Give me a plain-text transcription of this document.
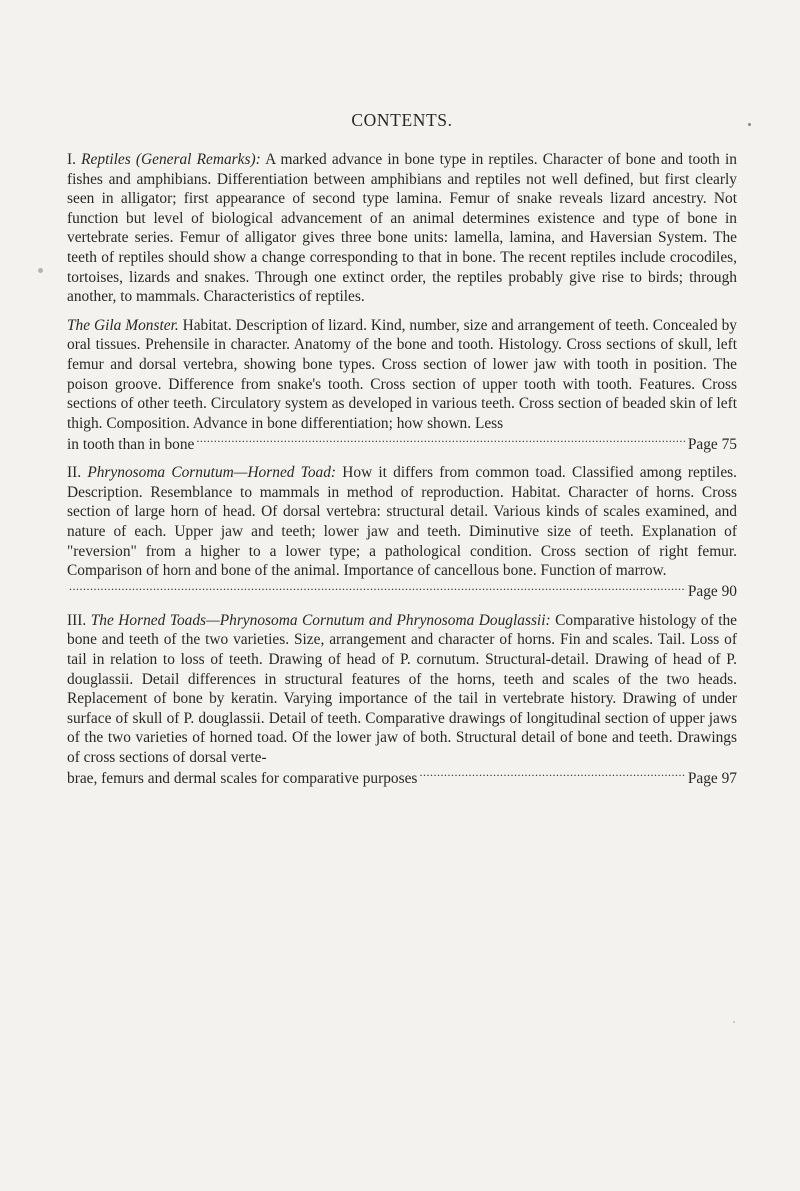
CONTENTS.
I. Reptiles (General Remarks): A marked advance in bone type in reptiles. Character of bone and tooth in fishes and amphibians. Differentiation between amphibians and reptiles not well defined, but first clearly seen in alligator; first appearance of second type lamina. Femur of snake reveals lizard ancestry. Not function but level of biological advancement of an animal determines existence and type of bone in vertebrate series. Femur of alligator gives three bone units: lamella, lamina, and Haversian System. The teeth of reptiles should show a change corresponding to that in bone. The recent reptiles include crocodiles, tortoises, lizards and snakes. Through one extinct order, the reptiles probably give rise to birds; through another, to mammals. Characteristics of reptiles.
The Gila Monster. Habitat. Description of lizard. Kind, number, size and arrangement of teeth. Concealed by oral tissues. Prehensile in character. Anatomy of the bone and tooth. Histology. Cross sections of skull, left femur and dorsal vertebra, showing bone types. Cross section of lower jaw with tooth in position. The poison groove. Difference from snake's tooth. Cross section of upper tooth with tooth. Features. Cross sections of other teeth. Circulatory system as developed in various teeth. Cross section of beaded skin of left thigh. Composition. Advance in bone differentiation; how shown. Less
in tooth than in bone .....	Page 75
II. Phrynosoma Cornutum—Horned Toad: How it differs from common toad. Classified among reptiles. Description. Resemblance to mammals in method of reproduction. Habitat. Character of horns. Cross section of large horn of head. Of dorsal vertebra: structural detail. Various kinds of scales examined, and nature of each. Upper jaw and teeth; lower jaw and teeth. Diminutive size of teeth. Explanation of "reversion" from a higher to a lower type; a pathological condition. Cross section of right femur. Comparison of horn and bone of the animal. Importance of cancellous bone. Function of marrow.
.....
Page 90
III. The Horned Toads—Phrynosoma Cornutum and Phrynosoma Douglassii: Comparative histology of the bone and teeth of the two varieties. Size, arrangement and character of horns. Fin and scales. Tail. Loss of tail in relation to loss of teeth. Drawing of head of P. cornutum. Structural-detail. Drawing of head of P. douglassii. Detail differences in structural features of the horns, teeth and scales of the two heads. Replacement of bone by keratin. Varying importance of the tail in vertebrate history. Drawing of under surface of skull of P. douglassii. Detail of teeth. Comparative drawings of longitudinal section of upper jaws of the two varieties of horned toad. Of the lower jaw of both. Structural detail of bone and teeth. Drawings of cross sections of dorsal verte-
brae, femurs and dermal scales for comparative purposes .....	Page 97
